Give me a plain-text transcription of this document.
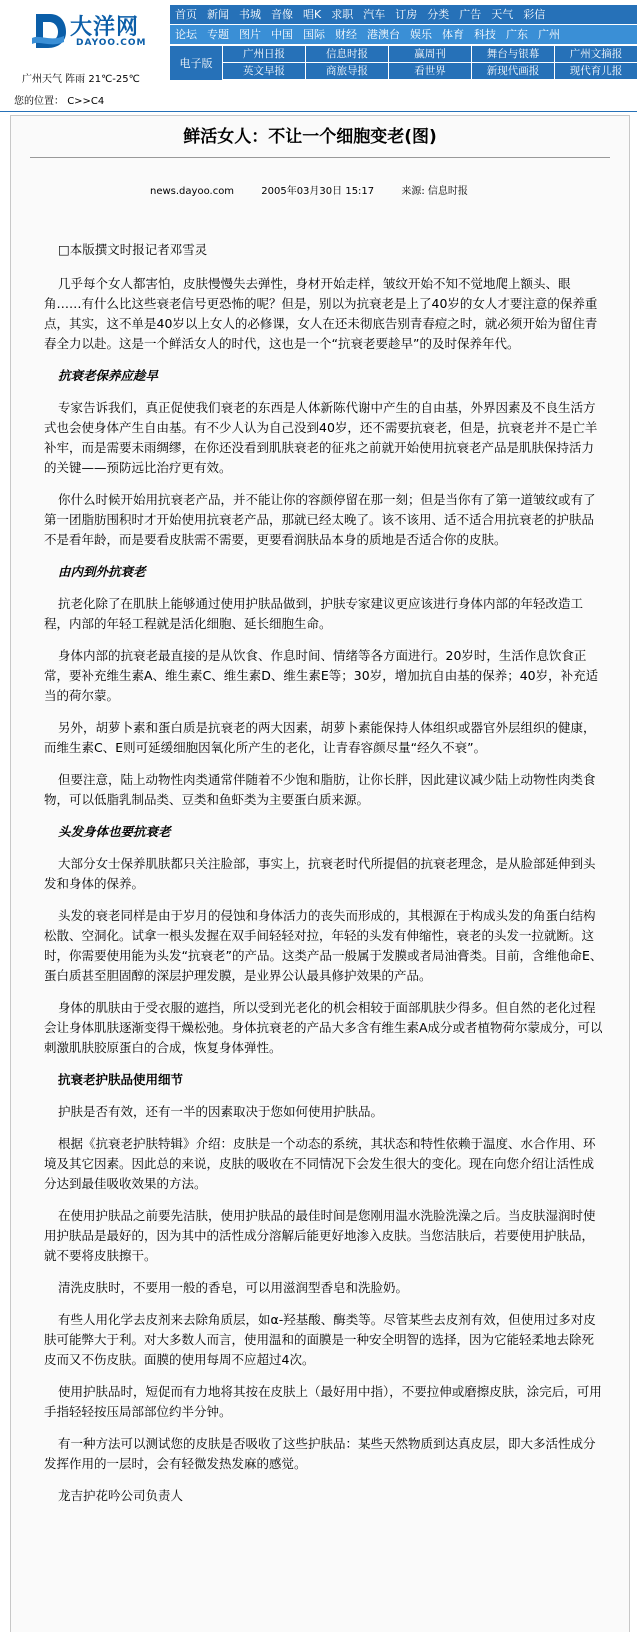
大洋网
DAYOO.COM
广州天气 阵雨 21℃-25℃
您的位置： C>>C4
首页 新闻 书城 音像 唱K 求职 汽车 订房 分类 广告 天气 彩信
论坛 专题 图片 中国 国际 财经 港澳台 娱乐 体育 科技 广东 广州
电子版
广州日报	信息时报	赢周刊	舞台与银幕	广州文摘报
英文早报	商旅导报	看世界	新现代画报	现代育儿报
鲜活女人：不让一个细胞变老(图)
news.dayoo.com	2005年03月30日 15:17	来源: 信息时报

□本版撰文时报记者邓雪灵

几乎每个女人都害怕，皮肤慢慢失去弹性，身材开始走样，皱纹开始不知不觉地爬上额头、眼角……有什么比这些衰老信号更恐怖的呢？但是，别以为抗衰老是上了40岁的女人才要注意的保养重点，其实，这不单是40岁以上女人的必修课，女人在还未彻底告别青春痘之时，就必须开始为留住青春全力以赴。这是一个鲜活女人的时代，这也是一个“抗衰老要趁早”的及时保养年代。

抗衰老保养应趁早

专家告诉我们，真正促使我们衰老的东西是人体新陈代谢中产生的自由基，外界因素及不良生活方式也会使身体产生自由基。有不少人认为自己没到40岁，还不需要抗衰老，但是，抗衰老并不是亡羊补牢，而是需要未雨绸缪，在你还没看到肌肤衰老的征兆之前就开始使用抗衰老产品是肌肤保持活力的关键——预防远比治疗更有效。

你什么时候开始用抗衰老产品，并不能让你的容颜停留在那一刻；但是当你有了第一道皱纹或有了第一团脂肪围积时才开始使用抗衰老产品，那就已经太晚了。该不该用、适不适合用抗衰老的护肤品不是看年龄，而是要看皮肤需不需要，更要看润肤品本身的质地是否适合你的皮肤。

由内到外抗衰老

抗老化除了在肌肤上能够通过使用护肤品做到，护肤专家建议更应该进行身体内部的年轻改造工程，内部的年轻工程就是活化细胞、延长细胞生命。

身体内部的抗衰老最直接的是从饮食、作息时间、情绪等各方面进行。20岁时，生活作息饮食正常，要补充维生素A、维生素C、维生素D、维生素E等；30岁，增加抗自由基的保养；40岁，补充适当的荷尔蒙。

另外，胡萝卜素和蛋白质是抗衰老的两大因素，胡萝卜素能保持人体组织或器官外层组织的健康，而维生素C、E则可延缓细胞因氧化所产生的老化，让青春容颜尽量“经久不衰”。

但要注意，陆上动物性肉类通常伴随着不少饱和脂肪，让你长胖，因此建议减少陆上动物性肉类食物，可以低脂乳制品类、豆类和鱼虾类为主要蛋白质来源。

头发身体也要抗衰老

大部分女士保养肌肤都只关注脸部，事实上，抗衰老时代所提倡的抗衰老理念，是从脸部延伸到头发和身体的保养。

头发的衰老同样是由于岁月的侵蚀和身体活力的丧失而形成的，其根源在于构成头发的角蛋白结构松散、空洞化。试拿一根头发握在双手间轻轻对拉，年轻的头发有伸缩性，衰老的头发一拉就断。这时，你需要使用能为头发“抗衰老”的产品。这类产品一般属于发膜或者局油膏类。目前，含维他命E、蛋白质甚至胆固醇的深层护理发膜，是业界公认最具修护效果的产品。

身体的肌肤由于受衣服的遮挡，所以受到光老化的机会相较于面部肌肤少得多。但自然的老化过程会让身体肌肤逐渐变得干燥松弛。身体抗衰老的产品大多含有维生素A成分或者植物荷尔蒙成分，可以刺激肌肤胶原蛋白的合成，恢复身体弹性。

抗衰老护肤品使用细节

护肤是否有效，还有一半的因素取决于您如何使用护肤品。

根据《抗衰老护肤特辑》介绍：皮肤是一个动态的系统，其状态和特性依赖于温度、水合作用、环境及其它因素。因此总的来说，皮肤的吸收在不同情况下会发生很大的变化。现在向您介绍让活性成分达到最佳吸收效果的方法。

在使用护肤品之前要先洁肤，使用护肤品的最佳时间是您刚用温水洗脸洗澡之后。当皮肤湿润时使用护肤品是最好的，因为其中的活性成分溶解后能更好地渗入皮肤。当您洁肤后，若要使用护肤品，就不要将皮肤擦干。

清洗皮肤时，不要用一般的香皂，可以用滋润型香皂和洗脸奶。

有些人用化学去皮剂来去除角质层，如α-羟基酸、酶类等。尽管某些去皮剂有效，但使用过多对皮肤可能弊大于利。对大多数人而言，使用温和的面膜是一种安全明智的选择，因为它能轻柔地去除死皮而又不伤皮肤。面膜的使用每周不应超过4次。

使用护肤品时，短促而有力地将其按在皮肤上（最好用中指），不要拉伸或磨擦皮肤，涂完后，可用手指轻轻按压局部部位约半分钟。

有一种方法可以测试您的皮肤是否吸收了这些护肤品：某些天然物质到达真皮层，即大多活性成分发挥作用的一层时，会有轻微发热发麻的感觉。

龙吉护花吟公司负责人
